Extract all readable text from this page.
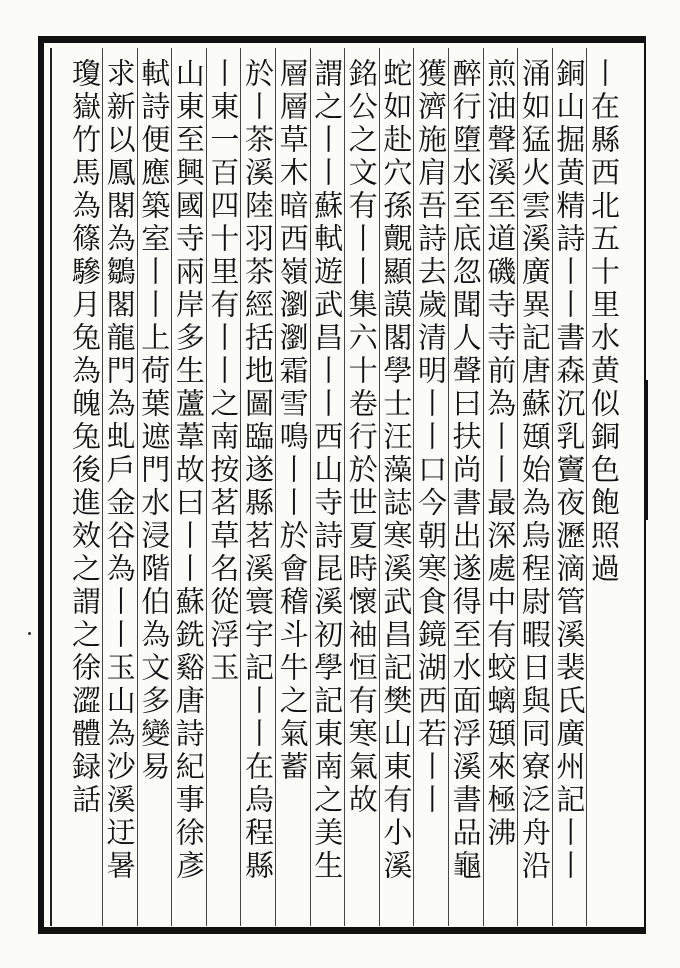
丨在縣西北五十里水黄似銅色飽照過
銅山掘黄精詩丨丨書森沉乳竇夜瀝滴管溪裴氏廣州記丨丨
涌如猛火雲溪廣異記唐蘇頲始為烏程尉暇日與同寮泛舟沿
煎油聲溪至道磯寺寺前為丨丨最深處中有蛟螭頲來極沸
醉行墮水至底忽聞人聲曰扶尚書出遂得至水面浮溪書品龜
獲濟施肩吾詩去歲清明丨丨口今朝寒食鏡湖西若丨丨
蛇如赴穴孫覿顯謨閣學士汪藻誌寒溪武昌記樊山東有小溪
銘公之文有丨丨集六十卷行於世夏時懷袖恒有寒氣故
謂之丨丨蘇軾遊武昌丨丨西山寺詩昆溪初學記東南之美生
層層草木暗西嶺瀏瀏霜雪鳴丨丨於會稽斗牛之氣蓄
於丨茶溪陸羽茶經括地圖臨遂縣茗溪寰宇記丨丨在烏程縣
丨東一百四十里有丨丨之南按茗草名從浮玉
山東至興國寺兩岸多生蘆葦故曰丨丨蘇銑谿唐詩紀事徐彥
軾詩便應築室丨丨上荷葉遮門水浸階伯為文多變易
求新以鳳閣為鶵閣龍門為虬戶金谷為丨丨玉山為沙溪迂暑
瓊嶽竹馬為篠驂月兔為魄兔後進效之謂之徐澀體録話
